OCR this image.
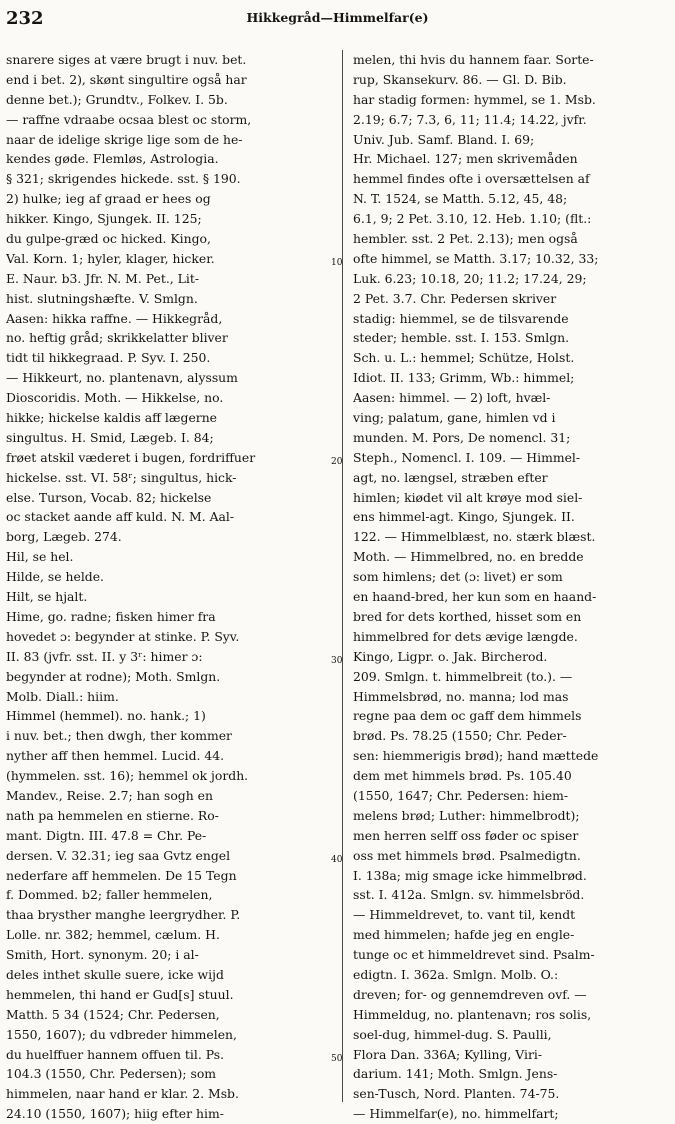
232	Hikkegråd—Himmelfar(e)
snarere siges at være brugt i nuv. bet.
end i bet. 2), skønt singultire også har
denne bet.); Grundtv., Folkev. I. 5b.
— raffne vdraabe ocsaa blest oc storm,
naar de idelige skrige lige som de he-
kendes gøde. Flemløs, Astrologia.
§ 321; skrigendes hickede. sst. § 190.
2) hulke; ieg af graad er hees og
hikker. Kingo, Sjungek. II. 125;
du gulpe-græd oc hicked. Kingo,
Val. Korn. 1; hyler, klager, hicker.
E. Naur. b3. Jfr. N. M. Pet., Lit-
hist. slutningshæfte. V. Smlgn.
Aasen: hikka raffne. — Hikkegråd,
no. heftig gråd; skrikkelatter bliver
tidt til hikkegraad. P. Syv. I. 250.
— Hikkeurt, no. plantenavn, alyssum
Dioscoridis. Moth. — Hikkelse, no.
hikke; hickelse kaldis aff lægerne
singultus. H. Smid, Lægeb. I. 84;
frøet atskil væderet i bugen, fordriffuer
hickelse. sst. VI. 58ʳ; singultus, hick-
else. Turson, Vocab. 82; hickelse
oc stacket aande aff kuld. N. M. Aal-
borg, Lægeb. 274.
Hil, se hel.
Hilde, se helde.
Hilt, se hjalt.
Hime, go. radne; fisken himer fra
hovedet ɔ: begynder at stinke. P. Syv.
II. 83 (jvfr. sst. II. y 3ʳ: himer ɔ:
begynder at rodne); Moth. Smlgn.
Molb. Diall.: hiim.
Himmel (hemmel). no. hank.; 1)
i nuv. bet.; then dwgh, ther kommer
nyther aff then hemmel. Lucid. 44.
(hymmelen. sst. 16); hemmel ok jordh.
Mandev., Reise. 2.7; han sogh en
nath pa hemmelen en stierne. Ro-
mant. Digtn. III. 47.8 = Chr. Pe-
dersen. V. 32.31; ieg saa Gvtz engel
nederfare aff hemmelen. De 15 Tegn
f. Dommed. b2; faller hemmelen,
thaa brysther manghe leergrydher. P.
Lolle. nr. 382; hemmel, cælum. H.
Smith, Hort. synonym. 20; i al-
deles inthet skulle suere, icke wijd
hemmelen, thi hand er Gud[s] stuul.
Matth. 5 34 (1524; Chr. Pedersen,
1550, 1607); du vdbreder himmelen,
du huelffuer hannem offuen til. Ps.
104.3 (1550, Chr. Pedersen); som
himmelen, naar hand er klar. 2. Msb.
24.10 (1550, 1607); hiig efter him-
10
20
30
40
50
melen, thi hvis du hannem faar. Sorte-
rup, Skansekurv. 86. — Gl. D. Bib.
har stadig formen: hymmel, se 1. Msb.
2.19; 6.7; 7.3, 6, 11; 11.4; 14.22, jvfr.
Univ. Jub. Samf. Bland. I. 69;
Hr. Michael. 127; men skrivemåden
hemmel findes ofte i oversættelsen af
N. T. 1524, se Matth. 5.12, 45, 48;
6.1, 9; 2 Pet. 3.10, 12. Heb. 1.10; (flt.:
hembler. sst. 2 Pet. 2.13); men også
ofte himmel, se Matth. 3.17; 10.32, 33;
Luk. 6.23; 10.18, 20; 11.2; 17.24, 29;
2 Pet. 3.7. Chr. Pedersen skriver
stadig: hiemmel, se de tilsvarende
steder; hemble. sst. I. 153. Smlgn.
Sch. u. L.: hemmel; Schütze, Holst.
Idiot. II. 133; Grimm, Wb.: himmel;
Aasen: himmel. — 2) loft, hvæl-
ving; palatum, gane, himlen vd i
munden. M. Pors, De nomencl. 31;
Steph., Nomencl. I. 109. — Himmel-
agt, no. længsel, stræben efter
himlen; kiødet vil alt krøye mod siel-
ens himmel-agt. Kingo, Sjungek. II.
122. — Himmelblæst, no. stærk blæst.
Moth. — Himmelbred, no. en bredde
som himlens; det (ɔ: livet) er som
en haand-bred, her kun som en haand-
bred for dets korthed, hisset som en
himmelbred for dets ævige længde.
Kingo, Ligpr. o. Jak. Bircherod.
209. Smlgn. t. himmelbreit (to.). —
Himmelsbrød, no. manna; lod mas
regne paa dem oc gaff dem himmels
brød. Ps. 78.25 (1550; Chr. Peder-
sen: hiemmerigis brød); hand mættede
dem met himmels brød. Ps. 105.40
(1550, 1647; Chr. Pedersen: hiem-
melens brød; Luther: himmelbrodt);
men herren selff oss føder oc spiser
oss met himmels brød. Psalmedigtn.
I. 138a; mig smage icke himmelbrød.
sst. I. 412a. Smlgn. sv. himmelsbröd.
— Himmeldrevet, to. vant til, kendt
med himmelen; hafde jeg en engle-
tunge oc et himmeldrevet sind. Psalm-
edigtn. I. 362a. Smlgn. Molb. O.:
dreven; for- og gennemdreven ovf. —
Himmeldug, no. plantenavn; ros solis,
soel-dug, himmel-dug. S. Paulli,
Flora Dan. 336A; Kylling, Viri-
darium. 141; Moth. Smlgn. Jens-
sen-Tusch, Nord. Planten. 74-75.
— Himmelfar(e), no. himmelfart;
